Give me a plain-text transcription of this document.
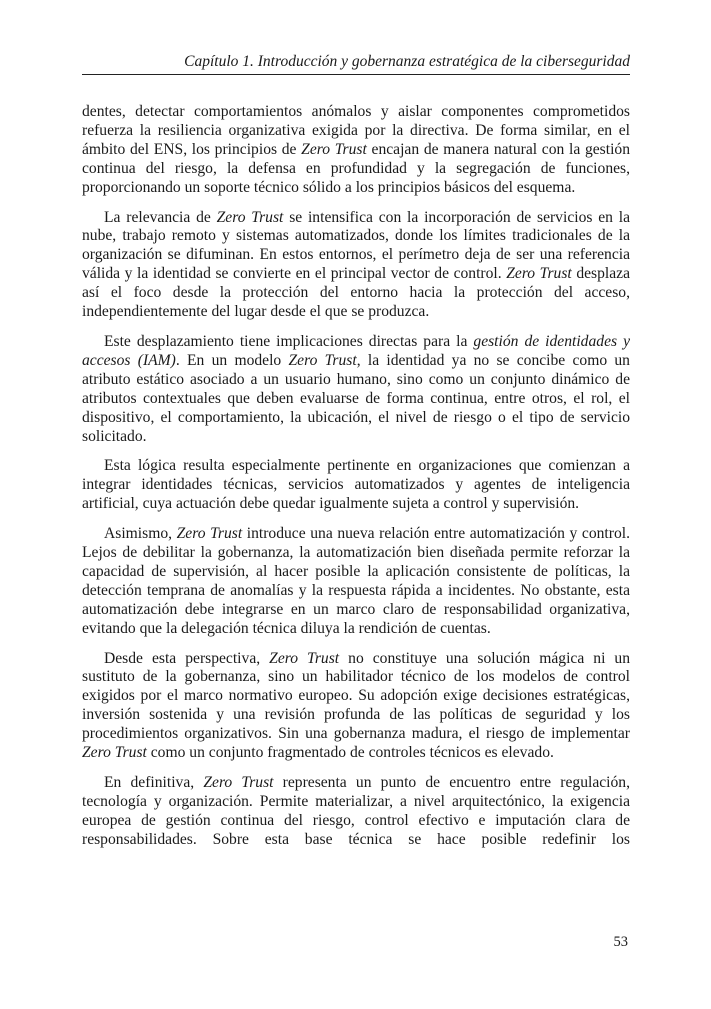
Capítulo 1. Introducción y gobernanza estratégica de la ciberseguridad

dentes, detectar comportamientos anómalos y aislar componentes comprometidos refuerza la resiliencia organizativa exigida por la directiva. De forma similar, en el ámbito del ENS, los principios de Zero Trust encajan de manera natural con la gestión continua del riesgo, la defensa en profundidad y la segregación de funciones, proporcionando un soporte técnico sólido a los principios básicos del esquema.

La relevancia de Zero Trust se intensifica con la incorporación de servicios en la nube, trabajo remoto y sistemas automatizados, donde los límites tradicionales de la organización se difuminan. En estos entornos, el perímetro deja de ser una referencia válida y la identidad se convierte en el principal vector de control. Zero Trust desplaza así el foco desde la protección del entorno hacia la protección del acceso, independientemente del lugar desde el que se produzca.

Este desplazamiento tiene implicaciones directas para la gestión de identidades y accesos (IAM). En un modelo Zero Trust, la identidad ya no se concibe como un atributo estático asociado a un usuario humano, sino como un conjunto dinámico de atributos contextuales que deben evaluarse de forma continua, entre otros, el rol, el dispositivo, el comportamiento, la ubicación, el nivel de riesgo o el tipo de servicio solicitado.

Esta lógica resulta especialmente pertinente en organizaciones que comienzan a integrar identidades técnicas, servicios automatizados y agentes de inteligencia artificial, cuya actuación debe quedar igualmente sujeta a control y supervisión.

Asimismo, Zero Trust introduce una nueva relación entre automatización y control. Lejos de debilitar la gobernanza, la automatización bien diseñada permite reforzar la capacidad de supervisión, al hacer posible la aplicación consistente de políticas, la detección temprana de anomalías y la respuesta rápida a incidentes. No obstante, esta automatización debe integrarse en un marco claro de responsabilidad organizativa, evitando que la delegación técnica diluya la rendición de cuentas.

Desde esta perspectiva, Zero Trust no constituye una solución mágica ni un sustituto de la gobernanza, sino un habilitador técnico de los modelos de control exigidos por el marco normativo europeo. Su adopción exige decisiones estratégicas, inversión sostenida y una revisión profunda de las políticas de seguridad y los procedimientos organizativos. Sin una gobernanza madura, el riesgo de implementar Zero Trust como un conjunto fragmentado de controles técnicos es elevado.

En definitiva, Zero Trust representa un punto de encuentro entre regulación, tecnología y organización. Permite materializar, a nivel arquitectónico, la exigencia europea de gestión continua del riesgo, control efectivo e imputación clara de responsabilidades. Sobre esta base técnica se hace posible redefinir los

53
